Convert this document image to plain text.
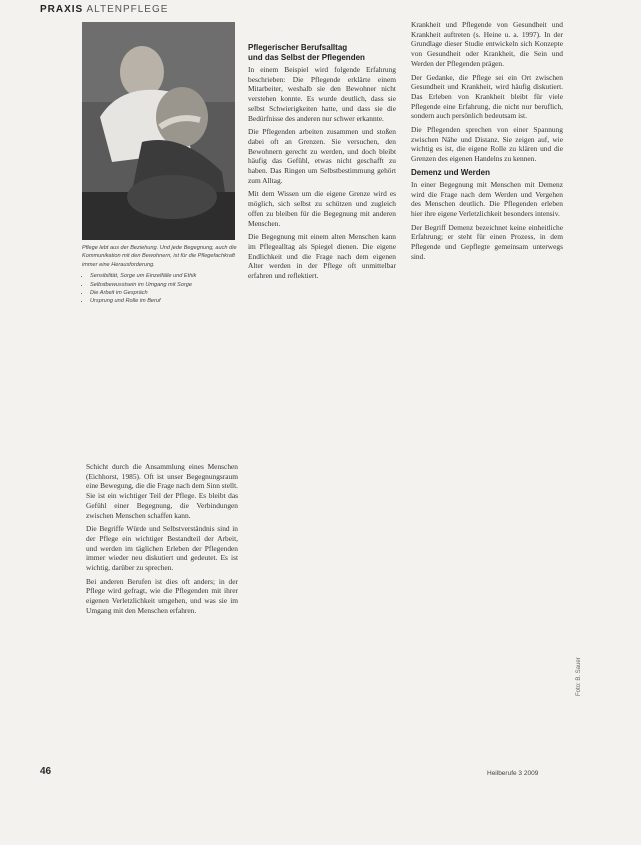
PRAXIS ALTENPFLEGE
Pflege lebt aus der Beziehung. Und jede Begegnung, auch die Kommunikation mit den Bewohnern, ist für die Pflegefachkraft immer eine Herausforderung.
• Sensibilität, Sorge um Einzelfälle und Ethik
• Selbstbewusstsein im Umgang mit Sorge
• Die Arbeit im Gespräch
• Ursprung und Rolle im Beruf

Schicht durch die Ansammlung eines Menschen (Eichhorst, 1985). Oft ist unser Begegnungsraum eine Bewegung, die die Frage nach dem Sinn stellt. Sie ist ein wichtiger Teil der Pflege. Es bleibt das Gefühl einer Begegnung, die Verbindungen zwischen Menschen schaffen kann.

Die Begriffe Würde und Selbstverständnis sind in der Pflege ein wichtiger Bestandteil der Arbeit, und werden im täglichen Erleben der Pflegenden immer wieder neu diskutiert und gedeutet. Es ist wichtig, darüber zu sprechen.

Bei anderen Berufen ist dies oft anders; in der Pflege wird gefragt, wie die Pflegenden mit ihrer eigenen Verletzlichkeit umgehen, und was sie im Umgang mit den Menschen erfahren.

Pflegerischer Berufsalltag
und das Selbst der Pflegenden

In einem Beispiel wird folgende Erfahrung beschrieben: Die Pflegende erklärte einem Mitarbeiter, weshalb sie den Bewohner nicht verstehen konnte. Es wurde deutlich, dass sie selbst Schwierigkeiten hatte, und dass sie die Bedürfnisse des anderen nur schwer erkannte.

Die Pflegenden arbeiten zusammen und stoßen dabei oft an Grenzen. Sie versuchen, den Bewohnern gerecht zu werden, und doch bleibt häufig das Gefühl, etwas nicht geschafft zu haben. Das Ringen um Selbstbestimmung gehört zum Alltag.

Mit dem Wissen um die eigene Grenze wird es möglich, sich selbst zu schützen und zugleich offen zu bleiben für die Begegnung mit anderen Menschen.

Die Begegnung mit einem alten Menschen kann im Pflegealltag als Spiegel dienen. Die eigene Endlichkeit und die Frage nach dem eigenen Alter werden in der Pflege oft unmittelbar erfahren und reflektiert.

Krankheit und Pflegende von Gesundheit und Krankheit auftreten (s. Heine u. a. 1997). In der Grundlage dieser Studie entwickeln sich Konzepte von Gesundheit oder Krankheit, die Sein und Werden der Pflegenden prägen.

Der Gedanke, die Pflege sei ein Ort zwischen Gesundheit und Krankheit, wird häufig diskutiert. Das Erleben von Krankheit bleibt für viele Pflegende eine Erfahrung, die nicht nur beruflich, sondern auch persönlich bedeutsam ist.

Die Pflegenden sprechen von einer Spannung zwischen Nähe und Distanz. Sie zeigen auf, wie wichtig es ist, die eigene Rolle zu klären und die Grenzen des eigenen Handelns zu kennen.

Demenz und Werden

In einer Begegnung mit Menschen mit Demenz wird die Frage nach dem Werden und Vergehen des Menschen deutlich. Die Pflegenden erleben hier ihre eigene Verletzlichkeit besonders intensiv.

Der Begriff Demenz bezeichnet keine einheitliche Erfahrung; er steht für einen Prozess, in dem Pflegende und Gepflegte gemeinsam unterwegs sind.

46	Heilberufe 3 2009
Foto: B. Sauer
